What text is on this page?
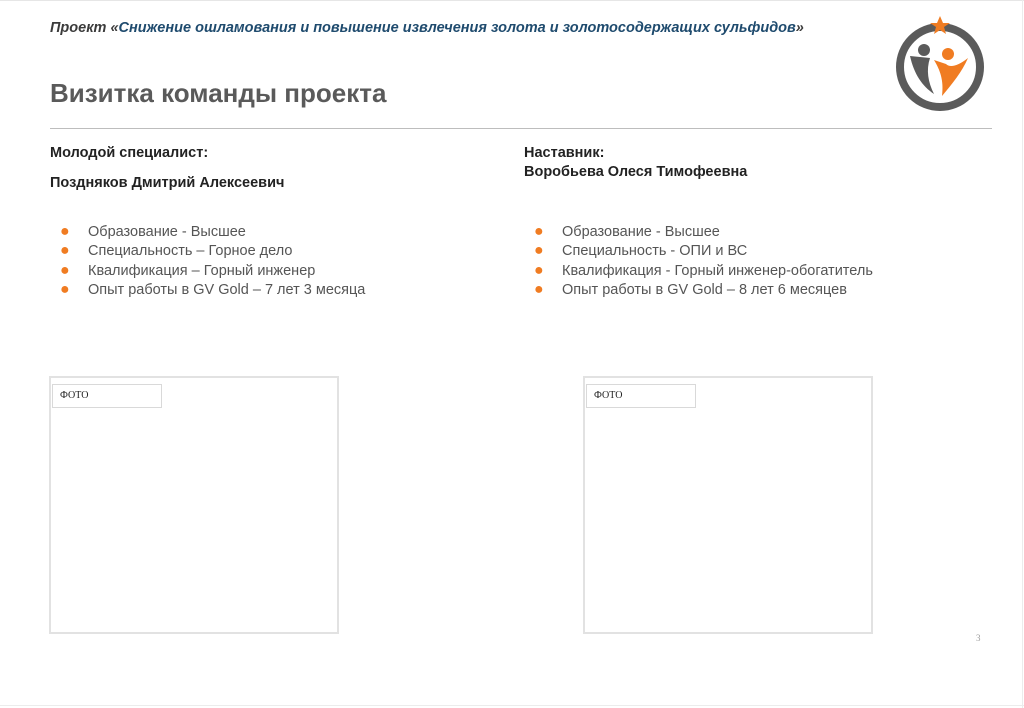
Проект «Снижение ошламования и повышение извлечения золота и золотосодержащих сульфидов»
Визитка команды проекта

Молодой специалист:

Поздняков Дмитрий Алексеевич

● Образование - Высшее
● Специальность – Горное дело
● Квалификация – Горный инженер
● Опыт работы в GV Gold – 7 лет 3 месяца

Наставник:

Воробьева Олеся Тимофеевна

● Образование - Высшее
● Специальность - ОПИ и ВС
● Квалификация - Горный инженер-обогатитель
● Опыт работы в GV Gold – 8 лет 6 месяцев
ФОТО	ФОТО
3
